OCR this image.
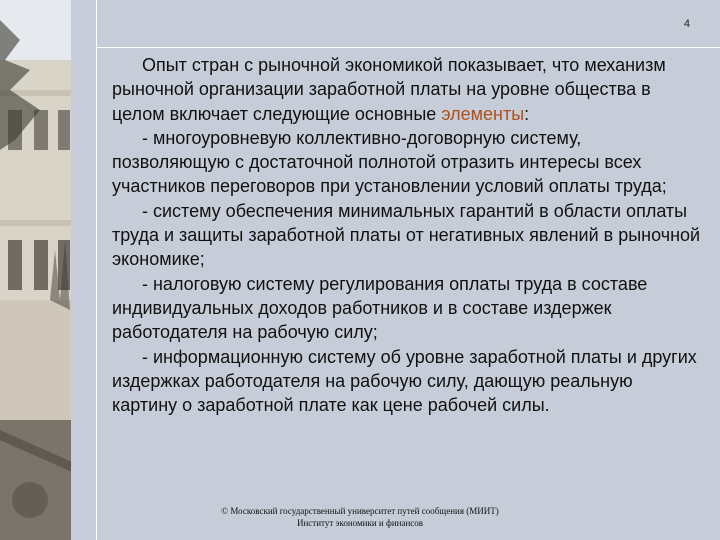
4

Опыт стран с рыночной экономикой показывает, что механизм рыночной организации заработной платы на уровне общества в целом включает следующие основные элементы:

- многоуровневую коллективно-договорную систему, позволяющую с достаточной полнотой отразить интересы всех участников переговоров при установлении условий оплаты труда;

- систему обеспечения минимальных гарантий в области оплаты труда и защиты заработной платы от негативных явлений в рыночной экономике;

- налоговую систему регулирования оплаты труда в составе индивидуальных доходов работников и в составе издержек работодателя на рабочую силу;

- информационную систему об уровне заработной платы и других издержках работодателя на рабочую силу, дающую реальную картину о заработной плате как цене рабочей силы.

© Московский государственный университет путей сообщения (МИИТ)
Институт экономики и финансов
